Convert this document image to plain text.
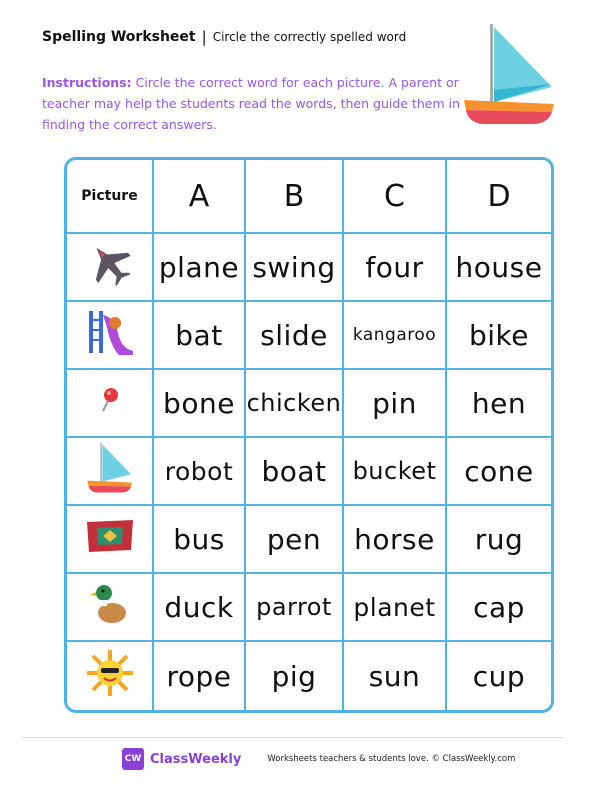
Spelling Worksheet | Circle the correctly spelled word
Instructions: Circle the correct word for each picture. A parent or teacher may help the students read the words, then guide them in finding the correct answers.
Picture	A	B	C	D
	plane	swing	four	house
	bat	slide	kangaroo	bike
	bone	chicken	pin	hen
	robot	boat	bucket	cone
	bus	pen	horse	rug
	duck	parrot	planet	cap
	rope	pig	sun	cup
CW ClassWeekly	Worksheets teachers & students love. © ClassWeekly.com
